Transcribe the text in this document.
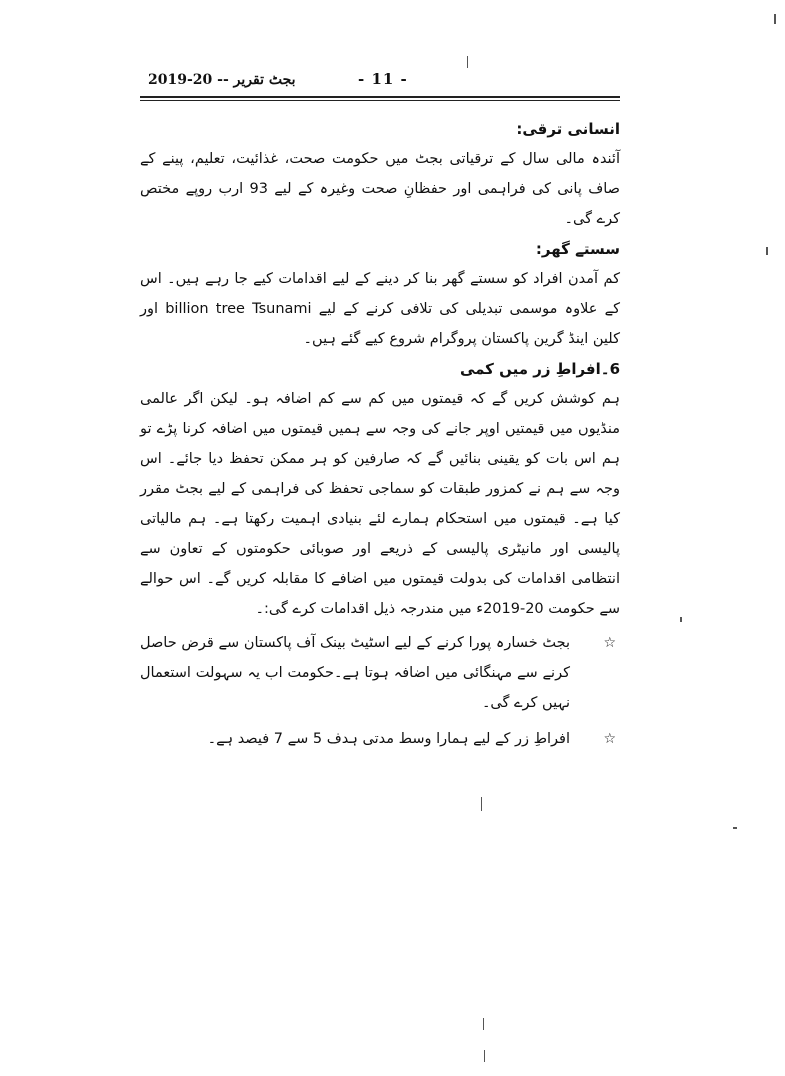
2019-20 -- بجٹ تقریر	- 11 -
انسانی ترقی:

آئندہ مالی سال کے ترقیاتی بجٹ میں حکومت صحت، غذائیت، تعلیم، پینے کے صاف پانی کی فراہمی اور حفظانِ صحت وغیرہ کے لیے 93 ارب روپے مختص کرے گی۔

سستے گھر:

کم آمدن افراد کو سستے گھر بنا کر دینے کے لیے اقدامات کیے جا رہے ہیں۔ اس کے علاوہ موسمی تبدیلی کی تلافی کرنے کے لیے billion tree Tsunami اور کلین اینڈ گرین پاکستان پروگرام شروع کیے گئے ہیں۔

6۔افراطِ زر میں کمی

ہم کوشش کریں گے کہ قیمتوں میں کم سے کم اضافہ ہو۔ لیکن اگر عالمی منڈیوں میں قیمتیں اوپر جانے کی وجہ سے ہمیں قیمتوں میں اضافہ کرنا پڑے تو ہم اس بات کو یقینی بنائیں گے کہ صارفین کو ہر ممکن تحفظ دیا جائے۔ اس وجہ سے ہم نے کمزور طبقات کو سماجی تحفظ کی فراہمی کے لیے بجٹ مقرر کیا ہے۔ قیمتوں میں استحکام ہمارے لئے بنیادی اہمیت رکھتا ہے۔ ہم مالیاتی پالیسی اور مانیٹری پالیسی کے ذریعے اور صوبائی حکومتوں کے تعاون سے انتظامی اقدامات کی بدولت قیمتوں میں اضافے کا مقابلہ کریں گے۔ اس حوالے سے حکومت 20-2019ء میں مندرجہ ذیل اقدامات کرے گی:۔

☆
بجٹ خسارہ پورا کرنے کے لیے اسٹیٹ بینک آف پاکستان سے قرض حاصل کرنے سے مہنگائی میں اضافہ ہوتا ہے۔حکومت اب یہ سہولت استعمال نہیں کرے گی۔
☆
افراطِ زر کے لیے ہمارا وسط مدتی ہدف 5 سے 7 فیصد ہے۔
